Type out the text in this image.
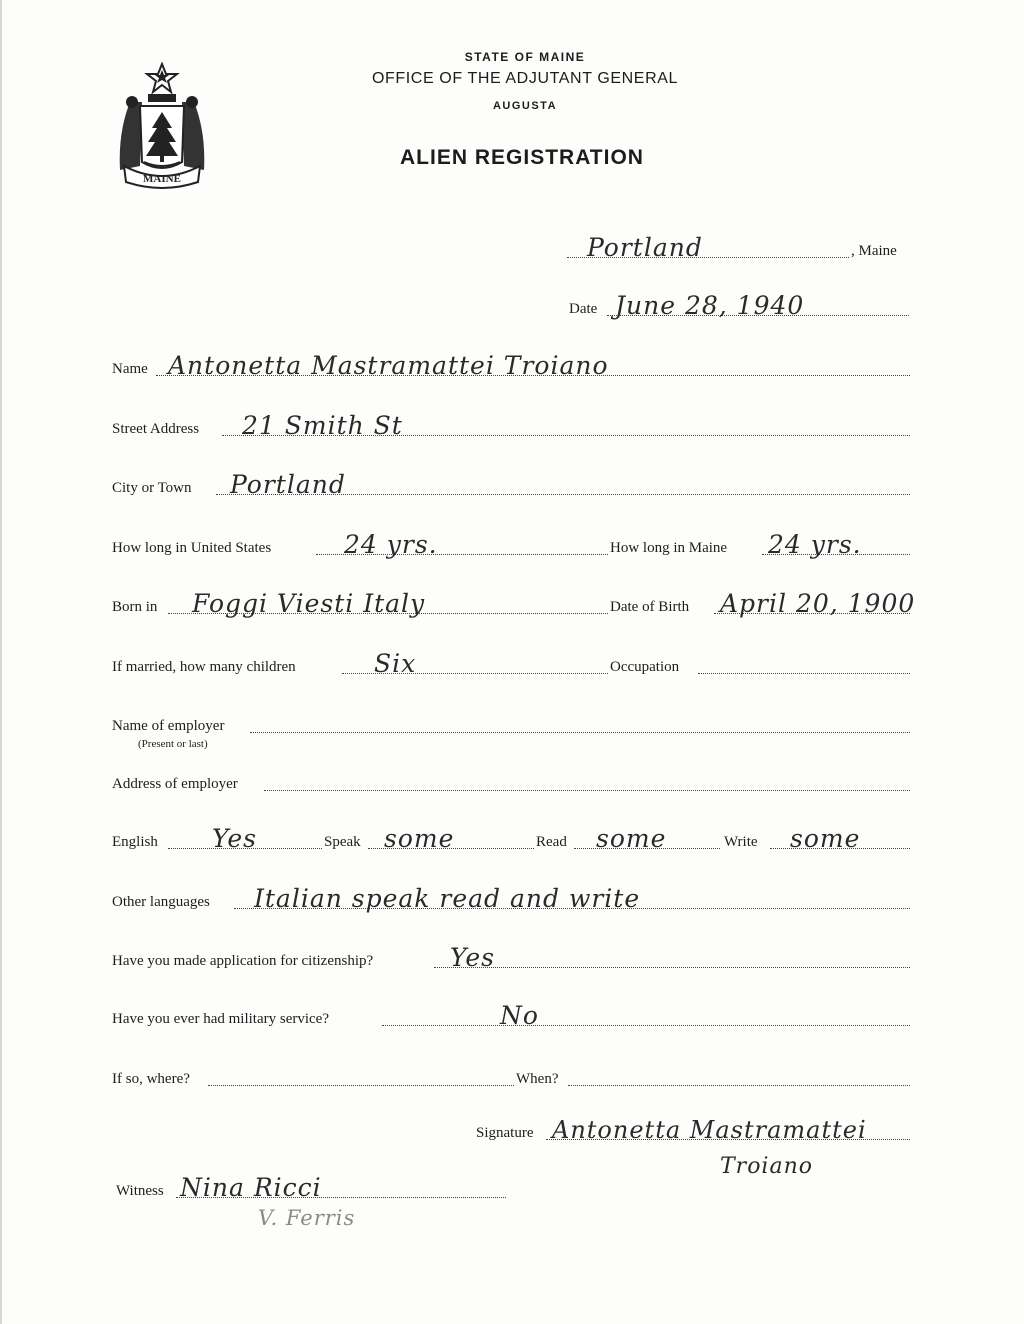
MAINE
STATE OF MAINE
OFFICE OF THE ADJUTANT GENERAL
AUGUSTA
ALIEN REGISTRATION
Portland	, Maine
Date June 28, 1940
Name Antonetta Mastramattei Troiano
Street Address 21 Smith St
City or Town Portland
How long in United States	24 yrs.	How long in Maine 24 yrs.
Born in Foggi Viesti Italy	Date of Birth April 20, 1900
If married, how many children	Six	Occupation
Name of employer
(Present or last)
Address of employer
English Yes	Speak some	Read some	Write some
Other languages Italian speak read and write
Have you made application for citizenship?	Yes
Have you ever had military service?	No
If so, where?	When?
Signature Antonetta Mastramattei
Troiano
Witness Nina Ricci
V. Ferris
